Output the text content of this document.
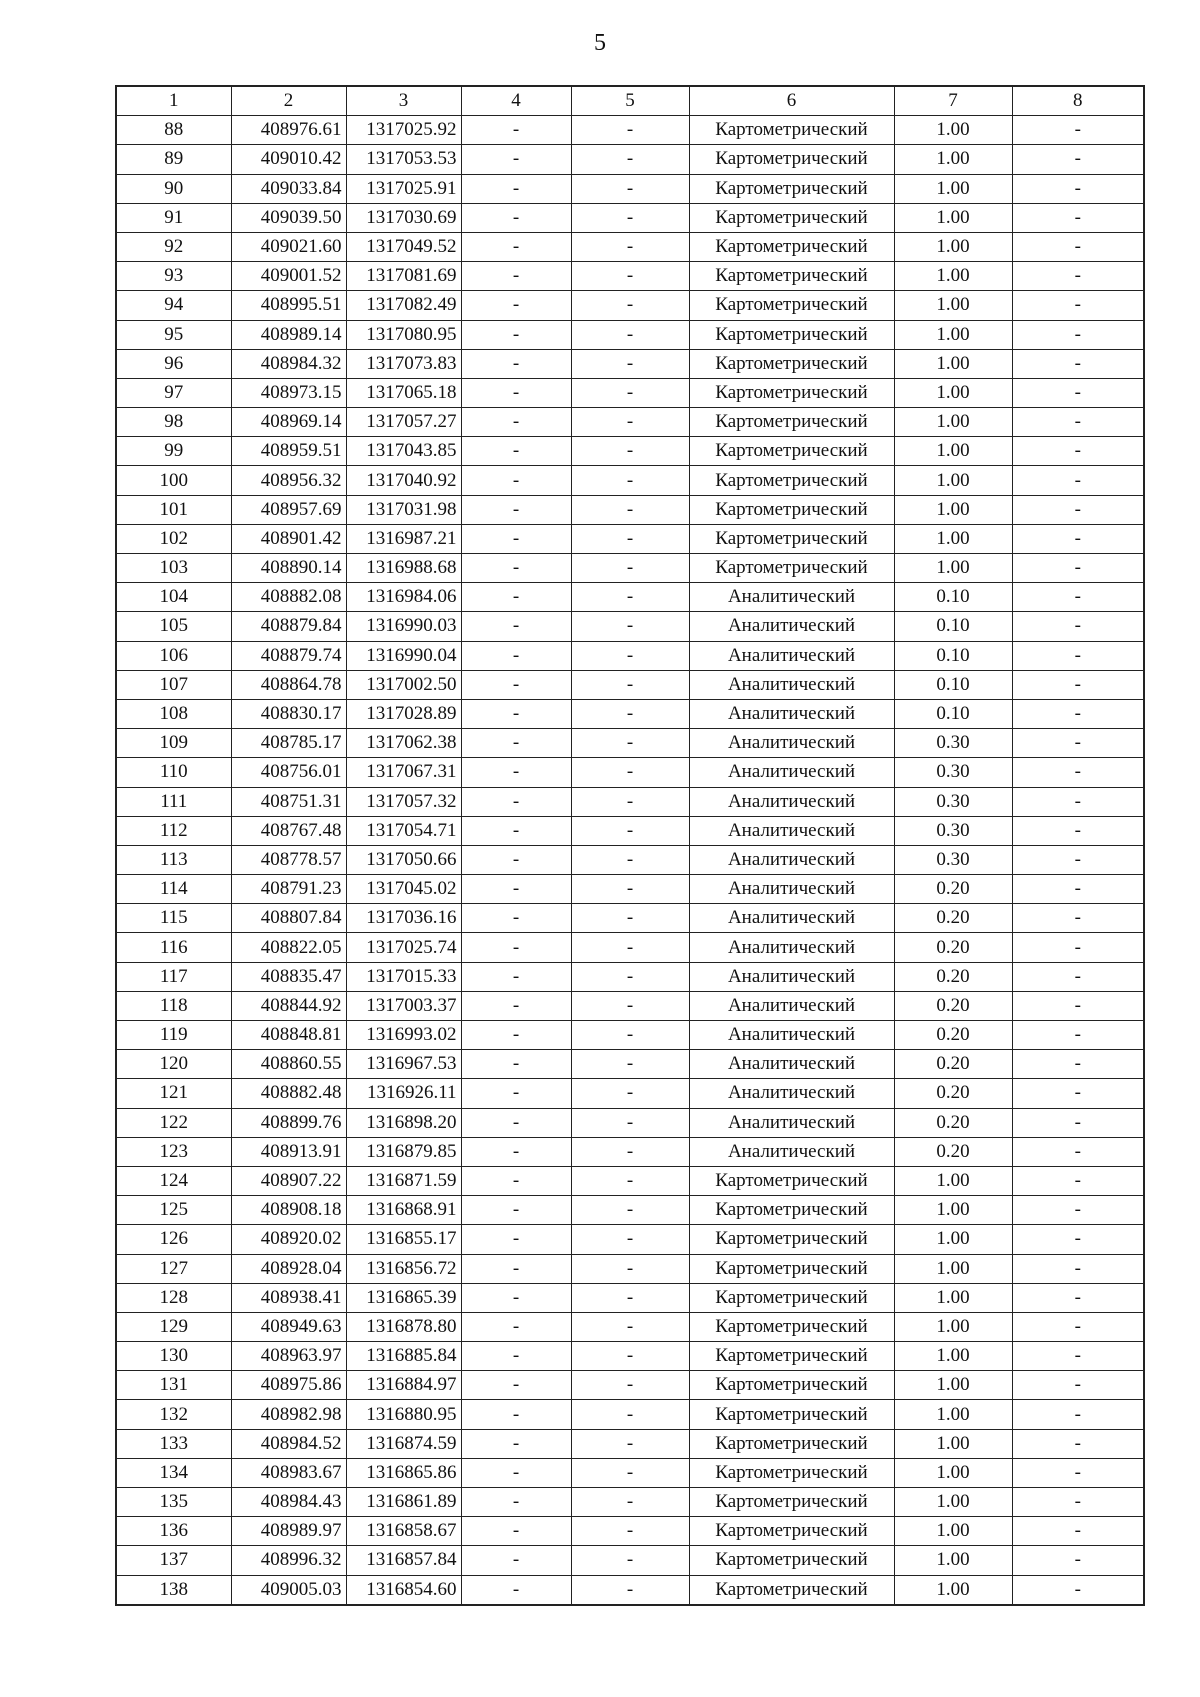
5
1	2	3	4	5	6	7	8
88	408976.61	1317025.92	-	-	Картометрический	1.00	-
89	409010.42	1317053.53	-	-	Картометрический	1.00	-
90	409033.84	1317025.91	-	-	Картометрический	1.00	-
91	409039.50	1317030.69	-	-	Картометрический	1.00	-
92	409021.60	1317049.52	-	-	Картометрический	1.00	-
93	409001.52	1317081.69	-	-	Картометрический	1.00	-
94	408995.51	1317082.49	-	-	Картометрический	1.00	-
95	408989.14	1317080.95	-	-	Картометрический	1.00	-
96	408984.32	1317073.83	-	-	Картометрический	1.00	-
97	408973.15	1317065.18	-	-	Картометрический	1.00	-
98	408969.14	1317057.27	-	-	Картометрический	1.00	-
99	408959.51	1317043.85	-	-	Картометрический	1.00	-
100	408956.32	1317040.92	-	-	Картометрический	1.00	-
101	408957.69	1317031.98	-	-	Картометрический	1.00	-
102	408901.42	1316987.21	-	-	Картометрический	1.00	-
103	408890.14	1316988.68	-	-	Картометрический	1.00	-
104	408882.08	1316984.06	-	-	Аналитический	0.10	-
105	408879.84	1316990.03	-	-	Аналитический	0.10	-
106	408879.74	1316990.04	-	-	Аналитический	0.10	-
107	408864.78	1317002.50	-	-	Аналитический	0.10	-
108	408830.17	1317028.89	-	-	Аналитический	0.10	-
109	408785.17	1317062.38	-	-	Аналитический	0.30	-
110	408756.01	1317067.31	-	-	Аналитический	0.30	-
111	408751.31	1317057.32	-	-	Аналитический	0.30	-
112	408767.48	1317054.71	-	-	Аналитический	0.30	-
113	408778.57	1317050.66	-	-	Аналитический	0.30	-
114	408791.23	1317045.02	-	-	Аналитический	0.20	-
115	408807.84	1317036.16	-	-	Аналитический	0.20	-
116	408822.05	1317025.74	-	-	Аналитический	0.20	-
117	408835.47	1317015.33	-	-	Аналитический	0.20	-
118	408844.92	1317003.37	-	-	Аналитический	0.20	-
119	408848.81	1316993.02	-	-	Аналитический	0.20	-
120	408860.55	1316967.53	-	-	Аналитический	0.20	-
121	408882.48	1316926.11	-	-	Аналитический	0.20	-
122	408899.76	1316898.20	-	-	Аналитический	0.20	-
123	408913.91	1316879.85	-	-	Аналитический	0.20	-
124	408907.22	1316871.59	-	-	Картометрический	1.00	-
125	408908.18	1316868.91	-	-	Картометрический	1.00	-
126	408920.02	1316855.17	-	-	Картометрический	1.00	-
127	408928.04	1316856.72	-	-	Картометрический	1.00	-
128	408938.41	1316865.39	-	-	Картометрический	1.00	-
129	408949.63	1316878.80	-	-	Картометрический	1.00	-
130	408963.97	1316885.84	-	-	Картометрический	1.00	-
131	408975.86	1316884.97	-	-	Картометрический	1.00	-
132	408982.98	1316880.95	-	-	Картометрический	1.00	-
133	408984.52	1316874.59	-	-	Картометрический	1.00	-
134	408983.67	1316865.86	-	-	Картометрический	1.00	-
135	408984.43	1316861.89	-	-	Картометрический	1.00	-
136	408989.97	1316858.67	-	-	Картометрический	1.00	-
137	408996.32	1316857.84	-	-	Картометрический	1.00	-
138	409005.03	1316854.60	-	-	Картометрический	1.00	-
